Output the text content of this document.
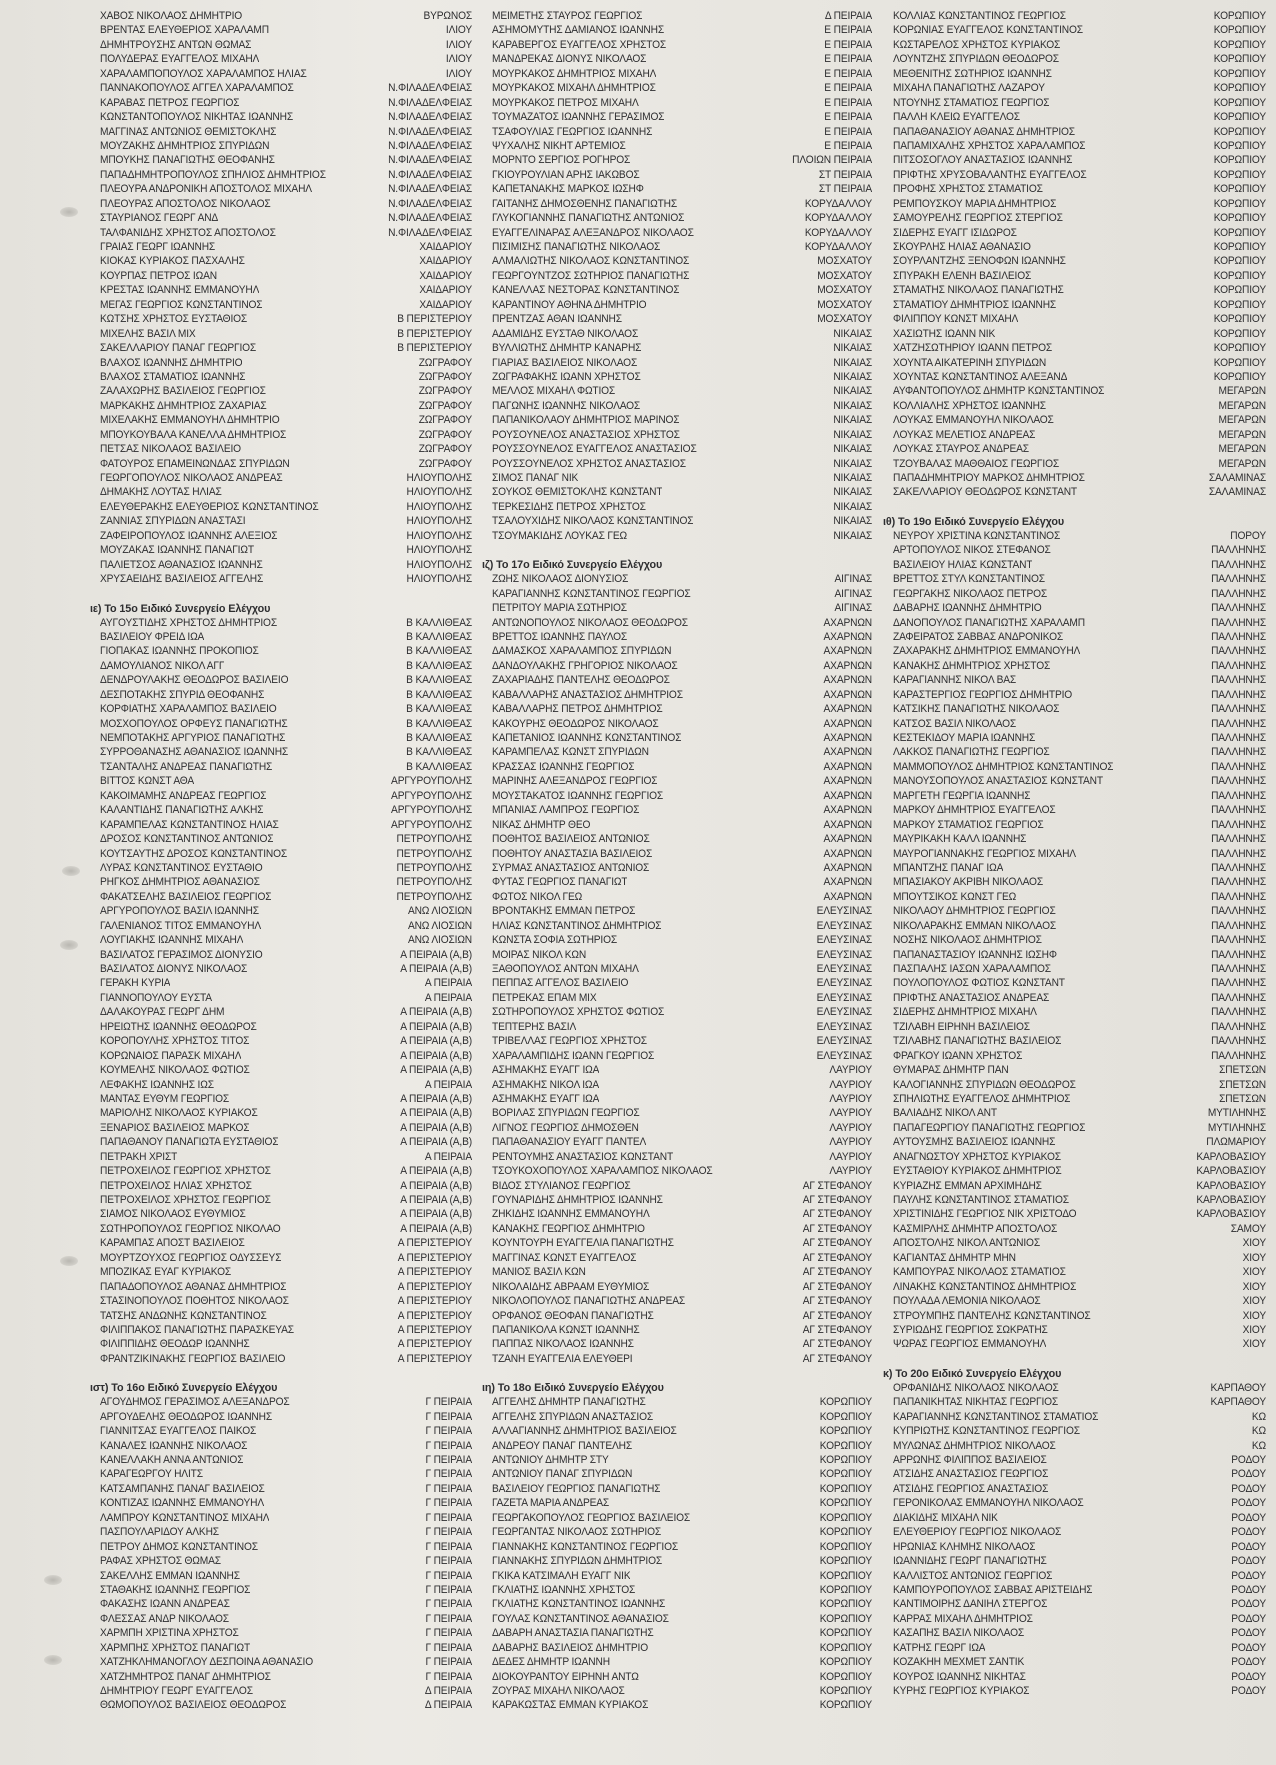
ΧΑΒΟΣ ΝΙΚΟΛΑΟΣ ΔΗΜΗΤΡΙΟ	ΒΥΡΩΝΟΣ
ΒΡΕΝΤΑΣ ΕΛΕΥΘΕΡΙΟΣ ΧΑΡΑΛΑΜΠ	ΙΛΙΟΥ
ΔΗΜΗΤΡΟΥΣΗΣ ΑΝΤΩΝ ΘΩΜΑΣ	ΙΛΙΟΥ
ΠΟΛΥΔΕΡΑΣ ΕΥΑΓΓΕΛΟΣ ΜΙΧΑΗΛ	ΙΛΙΟΥ
ΧΑΡΑΛΑΜΠΟΠΟΥΛΟΣ ΧΑΡΑΛΑΜΠΟΣ ΗΛΙΑΣ	ΙΛΙΟΥ
ΠΑΝΝΑΚΟΠΟΥΛΟΣ ΑΓΓΕΛ ΧΑΡΑΛΑΜΠΟΣ	Ν.ΦΙΛΑΔΕΛΦΕΙΑΣ
ΚΑΡΑΒΑΣ ΠΕΤΡΟΣ ΓΕΩΡΓΙΟΣ	Ν.ΦΙΛΑΔΕΛΦΕΙΑΣ
ΚΩΝΣΤΑΝΤΟΠΟΥΛΟΣ ΝΙΚΗΤΑΣ ΙΩΑΝΝΗΣ	Ν.ΦΙΛΑΔΕΛΦΕΙΑΣ
ΜΑΓΓΙΝΑΣ ΑΝΤΩΝΙΟΣ ΘΕΜΙΣΤΟΚΛΗΣ	Ν.ΦΙΛΑΔΕΛΦΕΙΑΣ
ΜΟΥΖΑΚΗΣ ΔΗΜΗΤΡΙΟΣ ΣΠΥΡΙΔΩΝ	Ν.ΦΙΛΑΔΕΛΦΕΙΑΣ
ΜΠΟΥΚΗΣ ΠΑΝΑΓΙΩΤΗΣ ΘΕΟΦΑΝΗΣ	Ν.ΦΙΛΑΔΕΛΦΕΙΑΣ
ΠΑΠΑΔΗΜΗΤΡΟΠΟΥΛΟΣ ΣΠΗΛΙΟΣ ΔΗΜΗΤΡΙΟΣ	Ν.ΦΙΛΑΔΕΛΦΕΙΑΣ
ΠΛΕΟΥΡΑ ΑΝΔΡΟΝΙΚΗ ΑΠΟΣΤΟΛΟΣ ΜΙΧΑΗΛ	Ν.ΦΙΛΑΔΕΛΦΕΙΑΣ
ΠΛΕΟΥΡΑΣ ΑΠΟΣΤΟΛΟΣ ΝΙΚΟΛΑΟΣ	Ν.ΦΙΛΑΔΕΛΦΕΙΑΣ
ΣΤΑΥΡΙΑΝΟΣ ΓΕΩΡΓ ΑΝΔ	Ν.ΦΙΛΑΔΕΛΦΕΙΑΣ
ΤΑΛΦΑΝΙΔΗΣ ΧΡΗΣΤΟΣ ΑΠΟΣΤΟΛΟΣ	Ν.ΦΙΛΑΔΕΛΦΕΙΑΣ
ΓΡΑΙΑΣ ΓΕΩΡΓ ΙΩΑΝΝΗΣ	ΧΑΙΔΑΡΙΟΥ
ΚΙΟΚΑΣ ΚΥΡΙΑΚΟΣ ΠΑΣΧΑΛΗΣ	ΧΑΙΔΑΡΙΟΥ
ΚΟΥΡΠΑΣ ΠΕΤΡΟΣ ΙΩΑΝ	ΧΑΙΔΑΡΙΟΥ
ΚΡΕΣΤΑΣ ΙΩΑΝΝΗΣ ΕΜΜΑΝΟΥΗΛ	ΧΑΙΔΑΡΙΟΥ
ΜΕΓΑΣ ΓΕΩΡΓΙΟΣ ΚΩΝΣΤΑΝΤΙΝΟΣ	ΧΑΙΔΑΡΙΟΥ
ΚΩΤΣΗΣ ΧΡΗΣΤΟΣ ΕΥΣΤΑΘΙΟΣ	Β ΠΕΡΙΣΤΕΡΙΟΥ
ΜΙΧΕΛΗΣ ΒΑΣΙΛ ΜΙΧ	Β ΠΕΡΙΣΤΕΡΙΟΥ
ΣΑΚΕΛΛΑΡΙΟΥ ΠΑΝΑΓ ΓΕΩΡΓΙΟΣ	Β ΠΕΡΙΣΤΕΡΙΟΥ
ΒΛΑΧΟΣ ΙΩΑΝΝΗΣ ΔΗΜΗΤΡΙΟ	ΖΩΓΡΑΦΟΥ
ΒΛΑΧΟΣ ΣΤΑΜΑΤΙΟΣ ΙΩΑΝΝΗΣ	ΖΩΓΡΑΦΟΥ
ΖΑΛΑΧΩΡΗΣ ΒΑΣΙΛΕΙΟΣ ΓΕΩΡΓΙΟΣ	ΖΩΓΡΑΦΟΥ
ΜΑΡΚΑΚΗΣ ΔΗΜΗΤΡΙΟΣ ΖΑΧΑΡΙΑΣ	ΖΩΓΡΑΦΟΥ
ΜΙΧΕΛΑΚΗΣ ΕΜΜΑΝΟΥΗΛ ΔΗΜΗΤΡΙΟ	ΖΩΓΡΑΦΟΥ
ΜΠΟΥΚΟΥΒΑΛΑ ΚΑΝΕΛΛΑ ΔΗΜΗΤΡΙΟΣ	ΖΩΓΡΑΦΟΥ
ΠΕΤΣΑΣ ΝΙΚΟΛΑΟΣ ΒΑΣΙΛΕΙΟ	ΖΩΓΡΑΦΟΥ
ΦΑΤΟΥΡΟΣ ΕΠΑΜΕΙΝΩΝΔΑΣ ΣΠΥΡΙΔΩΝ	ΖΩΓΡΑΦΟΥ
ΓΕΩΡΓΟΠΟΥΛΟΣ ΝΙΚΟΛΑΟΣ ΑΝΔΡΕΑΣ	ΗΛΙΟΥΠΟΛΗΣ
ΔΗΜΑΚΗΣ ΛΟΥΤΑΣ ΗΛΙΑΣ	ΗΛΙΟΥΠΟΛΗΣ
ΕΛΕΥΘΕΡΑΚΗΣ ΕΛΕΥΘΕΡΙΟΣ ΚΩΝΣΤΑΝΤΙΝΟΣ	ΗΛΙΟΥΠΟΛΗΣ
ΖΑΝΝΙΑΣ ΣΠΥΡΙΔΩΝ ΑΝΑΣΤΑΣΙ	ΗΛΙΟΥΠΟΛΗΣ
ΖΑΦΕΙΡΟΠΟΥΛΟΣ ΙΩΑΝΝΗΣ ΑΛΕΞΙΟΣ	ΗΛΙΟΥΠΟΛΗΣ
ΜΟΥΖΑΚΑΣ ΙΩΑΝΝΗΣ ΠΑΝΑΓΙΩΤ	ΗΛΙΟΥΠΟΛΗΣ
ΠΑΛΙΕΤΣΟΣ ΑΘΑΝΑΣΙΟΣ ΙΩΑΝΝΗΣ	ΗΛΙΟΥΠΟΛΗΣ
ΧΡΥΣΑΕΙΔΗΣ ΒΑΣΙΛΕΙΟΣ ΑΓΓΕΛΗΣ	ΗΛΙΟΥΠΟΛΗΣ
ιε) Το 15ο Ειδικό Συνεργείο Ελέγχου
ΑΥΓΟΥΣΤΙΔΗΣ ΧΡΗΣΤΟΣ ΔΗΜΗΤΡΙΟΣ	Β ΚΑΛΛΙΘΕΑΣ
ΒΑΣΙΛΕΙΟΥ ΦΡΕΙΔ ΙΩΑ	Β ΚΑΛΛΙΘΕΑΣ
ΓΙΟΠΑΚΑΣ ΙΩΑΝΝΗΣ ΠΡΟΚΟΠΙΟΣ	Β ΚΑΛΛΙΘΕΑΣ
ΔΑΜΟΥΛΙΑΝΟΣ ΝΙΚΟΛ ΑΓΓ	Β ΚΑΛΛΙΘΕΑΣ
ΔΕΝΔΡΟΥΛΑΚΗΣ ΘΕΟΔΩΡΟΣ ΒΑΣΙΛΕΙΟ	Β ΚΑΛΛΙΘΕΑΣ
ΔΕΣΠΟΤΑΚΗΣ ΣΠΥΡΙΔ ΘΕΟΦΑΝΗΣ	Β ΚΑΛΛΙΘΕΑΣ
ΚΟΡΦΙΑΤΗΣ ΧΑΡΑΛΑΜΠΟΣ ΒΑΣΙΛΕΙΟ	Β ΚΑΛΛΙΘΕΑΣ
ΜΟΣΧΟΠΟΥΛΟΣ ΟΡΦΕΥΣ ΠΑΝΑΓΙΩΤΗΣ	Β ΚΑΛΛΙΘΕΑΣ
ΝΕΜΠΟΤΑΚΗΣ ΑΡΓΥΡΙΟΣ ΠΑΝΑΓΙΩΤΗΣ	Β ΚΑΛΛΙΘΕΑΣ
ΣΥΡΡΟΘΑΝΑΣΗΣ ΑΘΑΝΑΣΙΟΣ ΙΩΑΝΝΗΣ	Β ΚΑΛΛΙΘΕΑΣ
ΤΣΑΝΤΑΛΗΣ ΑΝΔΡΕΑΣ ΠΑΝΑΓΙΩΤΗΣ	Β ΚΑΛΛΙΘΕΑΣ
ΒΙΤΤΟΣ ΚΩΝΣΤ ΑΘΑ	ΑΡΓΥΡΟΥΠΟΛΗΣ
ΚΑΚΟΙΜΑΜΗΣ ΑΝΔΡΕΑΣ ΓΕΩΡΓΙΟΣ	ΑΡΓΥΡΟΥΠΟΛΗΣ
ΚΑΛΑΝΤΙΔΗΣ ΠΑΝΑΓΙΩΤΗΣ ΑΛΚΗΣ	ΑΡΓΥΡΟΥΠΟΛΗΣ
ΚΑΡΑΜΠΕΛΑΣ ΚΩΝΣΤΑΝΤΙΝΟΣ ΗΛΙΑΣ	ΑΡΓΥΡΟΥΠΟΛΗΣ
ΔΡΟΣΟΣ ΚΩΝΣΤΑΝΤΙΝΟΣ ΑΝΤΩΝΙΟΣ	ΠΕΤΡΟΥΠΟΛΗΣ
ΚΟΥΤΣΑΥΤΗΣ ΔΡΟΣΟΣ ΚΩΝΣΤΑΝΤΙΝΟΣ	ΠΕΤΡΟΥΠΟΛΗΣ
ΛΥΡΑΣ ΚΩΝΣΤΑΝΤΙΝΟΣ ΕΥΣΤΑΘΙΟ	ΠΕΤΡΟΥΠΟΛΗΣ
ΡΗΓΚΟΣ ΔΗΜΗΤΡΙΟΣ ΑΘΑΝΑΣΙΟΣ	ΠΕΤΡΟΥΠΟΛΗΣ
ΦΑΚΑΤΣΕΛΗΣ ΒΑΣΙΛΕΙΟΣ ΓΕΩΡΓΙΟΣ	ΠΕΤΡΟΥΠΟΛΗΣ
ΑΡΓΥΡΟΠΟΥΛΟΣ ΒΑΣΙΛ ΙΩΑΝΝΗΣ	ΑΝΩ ΛΙΟΣΙΩΝ
ΓΑΛΕΝΙΑΝΟΣ ΤΙΤΟΣ ΕΜΜΑΝΟΥΗΛ	ΑΝΩ ΛΙΟΣΙΩΝ
ΛΟΥΓΙΑΚΗΣ ΙΩΑΝΝΗΣ ΜΙΧΑΗΛ	ΑΝΩ ΛΙΟΣΙΩΝ
ΒΑΣΙΛΑΤΟΣ ΓΕΡΑΣΙΜΟΣ ΔΙΟΝΥΣΙΟ	Α ΠΕΙΡΑΙΑ (Α,Β)
ΒΑΣΙΛΑΤΟΣ ΔΙΟΝΥΣ ΝΙΚΟΛΑΟΣ	Α ΠΕΙΡΑΙΑ (Α,Β)
ΓΕΡΑΚΗ ΚΥΡΙΑ	Α ΠΕΙΡΑΙΑ
ΓΙΑΝΝΟΠΟΥΛΟΥ ΕΥΣΤΑ	Α ΠΕΙΡΑΙΑ
ΔΑΛΑΚΟΥΡΑΣ ΓΕΩΡΓ ΔΗΜ	Α ΠΕΙΡΑΙΑ (Α,Β)
ΗΡΕΙΩΤΗΣ ΙΩΑΝΝΗΣ ΘΕΟΔΩΡΟΣ	Α ΠΕΙΡΑΙΑ (Α,Β)
ΚΟΡΟΠΟΥΛΗΣ ΧΡΗΣΤΟΣ ΤΙΤΟΣ	Α ΠΕΙΡΑΙΑ (Α,Β)
ΚΟΡΩΝΑΙΟΣ ΠΑΡΑΣΚ ΜΙΧΑΗΛ	Α ΠΕΙΡΑΙΑ (Α,Β)
ΚΟΥΜΕΛΗΣ ΝΙΚΟΛΑΟΣ ΦΩΤΙΟΣ	Α ΠΕΙΡΑΙΑ (Α,Β)
ΛΕΦΑΚΗΣ ΙΩΑΝΝΗΣ ΙΩΣ	Α ΠΕΙΡΑΙΑ
ΜΑΝΤΑΣ ΕΥΘΥΜ ΓΕΩΡΓΙΟΣ	Α ΠΕΙΡΑΙΑ (Α,Β)
ΜΑΡΙΟΛΗΣ ΝΙΚΟΛΑΟΣ ΚΥΡΙΑΚΟΣ	Α ΠΕΙΡΑΙΑ (Α,Β)
ΞΕΝΑΡΙΟΣ ΒΑΣΙΛΕΙΟΣ ΜΑΡΚΟΣ	Α ΠΕΙΡΑΙΑ (Α,Β)
ΠΑΠΑΘΑΝΟΥ ΠΑΝΑΓΙΩΤΑ ΕΥΣΤΑΘΙΟΣ	Α ΠΕΙΡΑΙΑ (Α,Β)
ΠΕΤΡΑΚΗ ΧΡΙΣΤ	Α ΠΕΙΡΑΙΑ
ΠΕΤΡΟΧΕΙΛΟΣ ΓΕΩΡΓΙΟΣ ΧΡΗΣΤΟΣ	Α ΠΕΙΡΑΙΑ (Α,Β)
ΠΕΤΡΟΧΕΙΛΟΣ ΗΛΙΑΣ ΧΡΗΣΤΟΣ	Α ΠΕΙΡΑΙΑ (Α,Β)
ΠΕΤΡΟΧΕΙΛΟΣ ΧΡΗΣΤΟΣ ΓΕΩΡΓΙΟΣ	Α ΠΕΙΡΑΙΑ (Α,Β)
ΣΙΑΜΟΣ ΝΙΚΟΛΑΟΣ ΕΥΘΥΜΙΟΣ	Α ΠΕΙΡΑΙΑ (Α,Β)
ΣΩΤΗΡΟΠΟΥΛΟΣ ΓΕΩΡΓΙΟΣ ΝΙΚΟΛΑΟ	Α ΠΕΙΡΑΙΑ (Α,Β)
ΚΑΡΑΜΠΑΣ ΑΠΟΣΤ ΒΑΣΙΛΕΙΟΣ	Α ΠΕΡΙΣΤΕΡΙΟΥ
ΜΟΥΡΤΖΟΥΧΟΣ ΓΕΩΡΓΙΟΣ ΟΔΥΣΣΕΥΣ	Α ΠΕΡΙΣΤΕΡΙΟΥ
ΜΠΟΖΙΚΑΣ ΕΥΑΓ ΚΥΡΙΑΚΟΣ	Α ΠΕΡΙΣΤΕΡΙΟΥ
ΠΑΠΑΔΟΠΟΥΛΟΣ ΑΘΑΝΑΣ ΔΗΜΗΤΡΙΟΣ	Α ΠΕΡΙΣΤΕΡΙΟΥ
ΣΤΑΣΙΝΟΠΟΥΛΟΣ ΠΟΘΗΤΟΣ ΝΙΚΟΛΑΟΣ	Α ΠΕΡΙΣΤΕΡΙΟΥ
ΤΑΤΣΗΣ ΑΝΔΩΝΗΣ ΚΩΝΣΤΑΝΤΙΝΟΣ	Α ΠΕΡΙΣΤΕΡΙΟΥ
ΦΙΛΙΠΠΑΚΟΣ ΠΑΝΑΓΙΩΤΗΣ ΠΑΡΑΣΚΕΥΑΣ	Α ΠΕΡΙΣΤΕΡΙΟΥ
ΦΙΛΙΠΠΙΔΗΣ ΘΕΟΔΩΡ ΙΩΑΝΝΗΣ	Α ΠΕΡΙΣΤΕΡΙΟΥ
ΦΡΑΝΤΖΙΚΙΝΑΚΗΣ ΓΕΩΡΓΙΟΣ ΒΑΣΙΛΕΙΟ	Α ΠΕΡΙΣΤΕΡΙΟΥ
ιστ) Το 16ο Ειδικό Συνεργείο Ελέγχου
ΑΓΟΥΔΗΜΟΣ ΓΕΡΑΣΙΜΟΣ ΑΛΕΞΑΝΔΡΟΣ	Γ ΠΕΙΡΑΙΑ
ΑΡΓΟΥΔΕΛΗΣ ΘΕΟΔΩΡΟΣ ΙΩΑΝΝΗΣ	Γ ΠΕΙΡΑΙΑ
ΓΙΑΝΝΙΤΣΑΣ ΕΥΑΓΓΕΛΟΣ ΠΑΙΚΟΣ	Γ ΠΕΙΡΑΙΑ
ΚΑΝΑΛΕΣ ΙΩΑΝΝΗΣ ΝΙΚΟΛΑΟΣ	Γ ΠΕΙΡΑΙΑ
ΚΑΝΕΛΛΑΚΗ ΑΝΝΑ ΑΝΤΩΝΙΟΣ	Γ ΠΕΙΡΑΙΑ
ΚΑΡΑΓΕΩΡΓΟΥ ΗΛΙΤΣ	Γ ΠΕΙΡΑΙΑ
ΚΑΤΣΑΜΠΑΝΗΣ ΠΑΝΑΓ ΒΑΣΙΛΕΙΟΣ	Γ ΠΕΙΡΑΙΑ
ΚΟΝΤΙΖΑΣ ΙΩΑΝΝΗΣ ΕΜΜΑΝΟΥΗΛ	Γ ΠΕΙΡΑΙΑ
ΛΑΜΠΡΟΥ ΚΩΝΣΤΑΝΤΙΝΟΣ ΜΙΧΑΗΛ	Γ ΠΕΙΡΑΙΑ
ΠΑΣΠΟΥΛΑΡΙΔΟΥ ΑΛΚΗΣ	Γ ΠΕΙΡΑΙΑ
ΠΕΤΡΟΥ ΔΗΜΟΣ ΚΩΝΣΤΑΝΤΙΝΟΣ	Γ ΠΕΙΡΑΙΑ
ΡΑΦΑΣ ΧΡΗΣΤΟΣ ΘΩΜΑΣ	Γ ΠΕΙΡΑΙΑ
ΣΑΚΕΛΛΗΣ ΕΜΜΑΝ ΙΩΑΝΝΗΣ	Γ ΠΕΙΡΑΙΑ
ΣΤΑΘΑΚΗΣ ΙΩΑΝΝΗΣ ΓΕΩΡΓΙΟΣ	Γ ΠΕΙΡΑΙΑ
ΦΑΚΑΣΗΣ ΙΩΑΝΝ ΑΝΔΡΕΑΣ	Γ ΠΕΙΡΑΙΑ
ΦΛΕΣΣΑΣ ΑΝΔΡ ΝΙΚΟΛΑΟΣ	Γ ΠΕΙΡΑΙΑ
ΧΑΡΜΠΗ ΧΡΙΣΤΙΝΑ ΧΡΗΣΤΟΣ	Γ ΠΕΙΡΑΙΑ
ΧΑΡΜΠΗΣ ΧΡΗΣΤΟΣ ΠΑΝΑΓΙΩΤ	Γ ΠΕΙΡΑΙΑ
ΧΑΤΖΗΚΛΗΜΑΝΟΓΛΟΥ ΔΕΣΠΟΙΝΑ ΑΘΑΝΑΣΙΟ	Γ ΠΕΙΡΑΙΑ
ΧΑΤΖΗΜΗΤΡΟΣ ΠΑΝΑΓ ΔΗΜΗΤΡΙΟΣ	Γ ΠΕΙΡΑΙΑ
ΔΗΜΗΤΡΙΟΥ ΓΕΩΡΓ ΕΥΑΓΓΕΛΟΣ	Δ ΠΕΙΡΑΙΑ
ΘΩΜΟΠΟΥΛΟΣ ΒΑΣΙΛΕΙΟΣ ΘΕΟΔΩΡΟΣ	Δ ΠΕΙΡΑΙΑ
ΜΕΙΜΕΤΗΣ ΣΤΑΥΡΟΣ ΓΕΩΡΓΙΟΣ	Δ ΠΕΙΡΑΙΑ
ΑΣΗΜΟΜΥΤΗΣ ΔΑΜΙΑΝΟΣ ΙΩΑΝΝΗΣ	Ε ΠΕΙΡΑΙΑ
ΚΑΡΑΒΕΡΓΟΣ ΕΥΑΓΓΕΛΟΣ ΧΡΗΣΤΟΣ	Ε ΠΕΙΡΑΙΑ
ΜΑΝΔΡΕΚΑΣ ΔΙΟΝΥΣ ΝΙΚΟΛΑΟΣ	Ε ΠΕΙΡΑΙΑ
ΜΟΥΡΚΑΚΟΣ ΔΗΜΗΤΡΙΟΣ ΜΙΧΑΗΛ	Ε ΠΕΙΡΑΙΑ
ΜΟΥΡΚΑΚΟΣ ΜΙΧΑΗΛ ΔΗΜΗΤΡΙΟΣ	Ε ΠΕΙΡΑΙΑ
ΜΟΥΡΚΑΚΟΣ ΠΕΤΡΟΣ ΜΙΧΑΗΛ	Ε ΠΕΙΡΑΙΑ
ΤΟΥΜΑΖΑΤΟΣ ΙΩΑΝΝΗΣ ΓΕΡΑΣΙΜΟΣ	Ε ΠΕΙΡΑΙΑ
ΤΣΑΦΟΥΛΙΑΣ ΓΕΩΡΓΙΟΣ ΙΩΑΝΝΗΣ	Ε ΠΕΙΡΑΙΑ
ΨΥΧΑΛΗΣ ΝΙΚΗΤ ΑΡΤΕΜΙΟΣ	Ε ΠΕΙΡΑΙΑ
ΜΟΡΝΤΟ ΣΕΡΓΙΟΣ ΡΟΓΗΡΟΣ	ΠΛΟΙΩΝ ΠΕΙΡΑΙΑ
ΓΚΙΟΥΡΟΥΛΙΑΝ ΑΡΗΣ ΙΑΚΩΒΟΣ	ΣΤ ΠΕΙΡΑΙΑ
ΚΑΠΕΤΑΝΑΚΗΣ ΜΑΡΚΟΣ ΙΩΣΗΦ	ΣΤ ΠΕΙΡΑΙΑ
ΓΑΙΤΑΝΗΣ ΔΗΜΟΣΘΕΝΗΣ ΠΑΝΑΓΙΩΤΗΣ	ΚΟΡΥΔΑΛΛΟΥ
ΓΛΥΚΟΓΙΑΝΝΗΣ ΠΑΝΑΓΙΩΤΗΣ ΑΝΤΩΝΙΟΣ	ΚΟΡΥΔΑΛΛΟΥ
ΕΥΑΓΓΕΛΙΝΑΡΑΣ ΑΛΕΞΑΝΔΡΟΣ ΝΙΚΟΛΑΟΣ	ΚΟΡΥΔΑΛΛΟΥ
ΠΙΣΙΜΙΣΗΣ ΠΑΝΑΓΙΩΤΗΣ ΝΙΚΟΛΑΟΣ	ΚΟΡΥΔΑΛΛΟΥ
ΑΛΜΑΛΙΩΤΗΣ ΝΙΚΟΛΑΟΣ ΚΩΝΣΤΑΝΤΙΝΟΣ	ΜΟΣΧΑΤΟΥ
ΓΕΩΡΓΟΥΝΤΖΟΣ ΣΩΤΗΡΙΟΣ ΠΑΝΑΓΙΩΤΗΣ	ΜΟΣΧΑΤΟΥ
ΚΑΝΕΛΛΑΣ ΝΕΣΤΟΡΑΣ ΚΩΝΣΤΑΝΤΙΝΟΣ	ΜΟΣΧΑΤΟΥ
ΚΑΡΑΝΤΙΝΟΥ ΑΘΗΝΑ ΔΗΜΗΤΡΙΟ	ΜΟΣΧΑΤΟΥ
ΠΡΕΝΤΖΑΣ ΑΘΑΝ ΙΩΑΝΝΗΣ	ΜΟΣΧΑΤΟΥ
ΑΔΑΜΙΔΗΣ ΕΥΣΤΑΘ ΝΙΚΟΛΑΟΣ	ΝΙΚΑΙΑΣ
ΒΥΛΛΙΩΤΗΣ ΔΗΜΗΤΡ ΚΑΝΑΡΗΣ	ΝΙΚΑΙΑΣ
ΓΙΑΡΙΑΣ ΒΑΣΙΛΕΙΟΣ ΝΙΚΟΛΑΟΣ	ΝΙΚΑΙΑΣ
ΖΩΓΡΑΦΑΚΗΣ ΙΩΑΝΝ ΧΡΗΣΤΟΣ	ΝΙΚΑΙΑΣ
ΜΕΛΛΟΣ ΜΙΧΑΗΛ ΦΩΤΙΟΣ	ΝΙΚΑΙΑΣ
ΠΑΓΩΝΗΣ ΙΩΑΝΝΗΣ ΝΙΚΟΛΑΟΣ	ΝΙΚΑΙΑΣ
ΠΑΠΑΝΙΚΟΛΑΟΥ ΔΗΜΗΤΡΙΟΣ ΜΑΡΙΝΟΣ	ΝΙΚΑΙΑΣ
ΡΟΥΣΟΥΝΕΛΟΣ ΑΝΑΣΤΑΣΙΟΣ ΧΡΗΣΤΟΣ	ΝΙΚΑΙΑΣ
ΡΟΥΣΣΟΥΝΕΛΟΣ ΕΥΑΓΓΕΛΟΣ ΑΝΑΣΤΑΣΙΟΣ	ΝΙΚΑΙΑΣ
ΡΟΥΣΣΟΥΝΕΛΟΣ ΧΡΗΣΤΟΣ ΑΝΑΣΤΑΣΙΟΣ	ΝΙΚΑΙΑΣ
ΣΙΜΟΣ ΠΑΝΑΓ ΝΙΚ	ΝΙΚΑΙΑΣ
ΣΟΥΚΟΣ ΘΕΜΙΣΤΟΚΛΗΣ ΚΩΝΣΤΑΝΤ	ΝΙΚΑΙΑΣ
ΤΕΡΚΕΣΙΔΗΣ ΠΕΤΡΟΣ ΧΡΗΣΤΟΣ	ΝΙΚΑΙΑΣ
ΤΣΑΛΟΥΧΙΔΗΣ ΝΙΚΟΛΑΟΣ ΚΩΝΣΤΑΝΤΙΝΟΣ	ΝΙΚΑΙΑΣ
ΤΣΟΥΜΑΚΙΔΗΣ ΛΟΥΚΑΣ ΓΕΩ	ΝΙΚΑΙΑΣ
ιζ) Το 17ο Ειδικό Συνεργείο Ελέγχου
ΖΩΗΣ ΝΙΚΟΛΑΟΣ ΔΙΟΝΥΣΙΟΣ	ΑΙΓΙΝΑΣ
ΚΑΡΑΓΙΑΝΝΗΣ ΚΩΝΣΤΑΝΤΙΝΟΣ ΓΕΩΡΓΙΟΣ	ΑΙΓΙΝΑΣ
ΠΕΤΡΙΤΟΥ ΜΑΡΙΑ ΣΩΤΗΡΙΟΣ	ΑΙΓΙΝΑΣ
ΑΝΤΩΝΟΠΟΥΛΟΣ ΝΙΚΟΛΑΟΣ ΘΕΟΔΩΡΟΣ	ΑΧΑΡΝΩΝ
ΒΡΕΤΤΟΣ ΙΩΑΝΝΗΣ ΠΑΥΛΟΣ	ΑΧΑΡΝΩΝ
ΔΑΜΑΣΚΟΣ ΧΑΡΑΛΑΜΠΟΣ ΣΠΥΡΙΔΩΝ	ΑΧΑΡΝΩΝ
ΔΑΝΔΟΥΛΑΚΗΣ ΓΡΗΓΟΡΙΟΣ ΝΙΚΟΛΑΟΣ	ΑΧΑΡΝΩΝ
ΖΑΧΑΡΙΑΔΗΣ ΠΑΝΤΕΛΗΣ ΘΕΟΔΩΡΟΣ	ΑΧΑΡΝΩΝ
ΚΑΒΑΛΛΑΡΗΣ ΑΝΑΣΤΑΣΙΟΣ ΔΗΜΗΤΡΙΟΣ	ΑΧΑΡΝΩΝ
ΚΑΒΑΛΛΑΡΗΣ ΠΕΤΡΟΣ ΔΗΜΗΤΡΙΟΣ	ΑΧΑΡΝΩΝ
ΚΑΚΟΥΡΗΣ ΘΕΟΔΩΡΟΣ ΝΙΚΟΛΑΟΣ	ΑΧΑΡΝΩΝ
ΚΑΠΕΤΑΝΙΟΣ ΙΩΑΝΝΗΣ ΚΩΝΣΤΑΝΤΙΝΟΣ	ΑΧΑΡΝΩΝ
ΚΑΡΑΜΠΕΛΑΣ ΚΩΝΣΤ ΣΠΥΡΙΔΩΝ	ΑΧΑΡΝΩΝ
ΚΡΑΣΣΑΣ ΙΩΑΝΝΗΣ ΓΕΩΡΓΙΟΣ	ΑΧΑΡΝΩΝ
ΜΑΡΙΝΗΣ ΑΛΕΞΑΝΔΡΟΣ ΓΕΩΡΓΙΟΣ	ΑΧΑΡΝΩΝ
ΜΟΥΣΤΑΚΑΤΟΣ ΙΩΑΝΝΗΣ ΓΕΩΡΓΙΟΣ	ΑΧΑΡΝΩΝ
ΜΠΑΝΙΑΣ ΛΑΜΠΡΟΣ ΓΕΩΡΓΙΟΣ	ΑΧΑΡΝΩΝ
ΝΙΚΑΣ ΔΗΜΗΤΡ ΘΕΟ	ΑΧΑΡΝΩΝ
ΠΟΘΗΤΟΣ ΒΑΣΙΛΕΙΟΣ ΑΝΤΩΝΙΟΣ	ΑΧΑΡΝΩΝ
ΠΟΘΗΤΟΥ ΑΝΑΣΤΑΣΙΑ ΒΑΣΙΛΕΙΟΣ	ΑΧΑΡΝΩΝ
ΣΥΡΜΑΣ ΑΝΑΣΤΑΣΙΟΣ ΑΝΤΩΝΙΟΣ	ΑΧΑΡΝΩΝ
ΦΥΤΑΣ ΓΕΩΡΓΙΟΣ ΠΑΝΑΓΙΩΤ	ΑΧΑΡΝΩΝ
ΦΩΤΟΣ ΝΙΚΟΛ ΓΕΩ	ΑΧΑΡΝΩΝ
ΒΡΟΝΤΑΚΗΣ ΕΜΜΑΝ ΠΕΤΡΟΣ	ΕΛΕΥΣΙΝΑΣ
ΗΛΙΑΣ ΚΩΝΣΤΑΝΤΙΝΟΣ ΔΗΜΗΤΡΙΟΣ	ΕΛΕΥΣΙΝΑΣ
ΚΩΝΣΤΑ ΣΟΦΙΑ ΣΩΤΗΡΙΟΣ	ΕΛΕΥΣΙΝΑΣ
ΜΟΙΡΑΣ ΝΙΚΟΛ ΚΩΝ	ΕΛΕΥΣΙΝΑΣ
ΞΑΘΟΠΟΥΛΟΣ ΑΝΤΩΝ ΜΙΧΑΗΛ	ΕΛΕΥΣΙΝΑΣ
ΠΕΠΠΑΣ ΑΓΓΕΛΟΣ ΒΑΣΙΛΕΙΟ	ΕΛΕΥΣΙΝΑΣ
ΠΕΤΡΕΚΑΣ ΕΠΑΜ ΜΙΧ	ΕΛΕΥΣΙΝΑΣ
ΣΩΤΗΡΟΠΟΥΛΟΣ ΧΡΗΣΤΟΣ ΦΩΤΙΟΣ	ΕΛΕΥΣΙΝΑΣ
ΤΕΠΤΕΡΗΣ ΒΑΣΙΛ	ΕΛΕΥΣΙΝΑΣ
ΤΡΙΒΕΛΛΑΣ ΓΕΩΡΓΙΟΣ ΧΡΗΣΤΟΣ	ΕΛΕΥΣΙΝΑΣ
ΧΑΡΑΛΑΜΠΙΔΗΣ ΙΩΑΝΝ ΓΕΩΡΓΙΟΣ	ΕΛΕΥΣΙΝΑΣ
ΑΣΗΜΑΚΗΣ ΕΥΑΓΓ ΙΩΑ	ΛΑΥΡΙΟΥ
ΑΣΗΜΑΚΗΣ ΝΙΚΟΛ ΙΩΑ	ΛΑΥΡΙΟΥ
ΑΣΗΜΑΚΗΣ ΕΥΑΓΓ ΙΩΑ	ΛΑΥΡΙΟΥ
ΒΟΡΙΛΑΣ ΣΠΥΡΙΔΩΝ ΓΕΩΡΓΙΟΣ	ΛΑΥΡΙΟΥ
ΛΙΓΝΟΣ ΓΕΩΡΓΙΟΣ ΔΗΜΟΣΘΕΝ	ΛΑΥΡΙΟΥ
ΠΑΠΑΘΑΝΑΣΙΟΥ ΕΥΑΓΓ ΠΑΝΤΕΛ	ΛΑΥΡΙΟΥ
ΡΕΝΤΟΥΜΗΣ ΑΝΑΣΤΑΣΙΟΣ ΚΩΝΣΤΑΝΤ	ΛΑΥΡΙΟΥ
ΤΣΟΥΚΟΧΟΠΟΥΛΟΣ ΧΑΡΑΛΑΜΠΟΣ ΝΙΚΟΛΑΟΣ	ΛΑΥΡΙΟΥ
ΒΙΔΟΣ ΣΤΥΛΙΑΝΟΣ ΓΕΩΡΓΙΟΣ	ΑΓ ΣΤΕΦΑΝΟΥ
ΓΟΥΝΑΡΙΔΗΣ ΔΗΜΗΤΡΙΟΣ ΙΩΑΝΝΗΣ	ΑΓ ΣΤΕΦΑΝΟΥ
ΖΗΚΙΔΗΣ ΙΩΑΝΝΗΣ ΕΜΜΑΝΟΥΗΛ	ΑΓ ΣΤΕΦΑΝΟΥ
ΚΑΝΑΚΗΣ ΓΕΩΡΓΙΟΣ ΔΗΜΗΤΡΙΟ	ΑΓ ΣΤΕΦΑΝΟΥ
ΚΟΥΝΤΟΥΡΗ ΕΥΑΓΓΕΛΙΑ ΠΑΝΑΓΙΩΤΗΣ	ΑΓ ΣΤΕΦΑΝΟΥ
ΜΑΓΓΙΝΑΣ ΚΩΝΣΤ ΕΥΑΓΓΕΛΟΣ	ΑΓ ΣΤΕΦΑΝΟΥ
ΜΑΝΙΟΣ ΒΑΣΙΛ ΚΩΝ	ΑΓ ΣΤΕΦΑΝΟΥ
ΝΙΚΟΛΑΙΔΗΣ ΑΒΡΑΑΜ ΕΥΘΥΜΙΟΣ	ΑΓ ΣΤΕΦΑΝΟΥ
ΝΙΚΟΛΟΠΟΥΛΟΣ ΠΑΝΑΓΙΩΤΗΣ ΑΝΔΡΕΑΣ	ΑΓ ΣΤΕΦΑΝΟΥ
ΟΡΦΑΝΟΣ ΘΕΟΦΑΝ ΠΑΝΑΓΙΩΤΗΣ	ΑΓ ΣΤΕΦΑΝΟΥ
ΠΑΠΑΝΙΚΟΛΑ ΚΩΝΣΤ ΙΩΑΝΝΗΣ	ΑΓ ΣΤΕΦΑΝΟΥ
ΠΑΠΠΑΣ ΝΙΚΟΛΑΟΣ ΙΩΑΝΝΗΣ	ΑΓ ΣΤΕΦΑΝΟΥ
ΤΖΑΝΗ ΕΥΑΓΓΕΛΙΑ ΕΛΕΥΘΕΡΙ	ΑΓ ΣΤΕΦΑΝΟΥ
ιη) Το 18ο Ειδικό Συνεργείο Ελέγχου
ΑΓΓΕΛΗΣ ΔΗΜΗΤΡ ΠΑΝΑΓΙΩΤΗΣ	ΚΟΡΩΠΙΟΥ
ΑΓΓΕΛΗΣ ΣΠΥΡΙΔΩΝ ΑΝΑΣΤΑΣΙΟΣ	ΚΟΡΩΠΙΟΥ
ΑΛΛΑΓΙΑΝΝΗΣ ΔΗΜΗΤΡΙΟΣ ΒΑΣΙΛΕΙΟΣ	ΚΟΡΩΠΙΟΥ
ΑΝΔΡΕΟΥ ΠΑΝΑΓ ΠΑΝΤΕΛΗΣ	ΚΟΡΩΠΙΟΥ
ΑΝΤΩΝΙΟΥ ΔΗΜΗΤΡ ΣΤΥ	ΚΟΡΩΠΙΟΥ
ΑΝΤΩΝΙΟΥ ΠΑΝΑΓ ΣΠΥΡΙΔΩΝ	ΚΟΡΩΠΙΟΥ
ΒΑΣΙΛΕΙΟΥ ΓΕΩΡΓΙΟΣ ΠΑΝΑΓΙΩΤΗΣ	ΚΟΡΩΠΙΟΥ
ΓΑΖΕΤΑ ΜΑΡΙΑ ΑΝΔΡΕΑΣ	ΚΟΡΩΠΙΟΥ
ΓΕΩΡΓΑΚΟΠΟΥΛΟΣ ΓΕΩΡΓΙΟΣ ΒΑΣΙΛΕΙΟΣ	ΚΟΡΩΠΙΟΥ
ΓΕΩΡΓΑΝΤΑΣ ΝΙΚΟΛΑΟΣ ΣΩΤΗΡΙΟΣ	ΚΟΡΩΠΙΟΥ
ΓΙΑΝΝΑΚΗΣ ΚΩΝΣΤΑΝΤΙΝΟΣ ΓΕΩΡΓΙΟΣ	ΚΟΡΩΠΙΟΥ
ΓΙΑΝΝΑΚΗΣ ΣΠΥΡΙΔΩΝ ΔΗΜΗΤΡΙΟΣ	ΚΟΡΩΠΙΟΥ
ΓΚΙΚΑ ΚΑΤΣΙΜΑΛΗ ΕΥΑΓΓ ΝΙΚ	ΚΟΡΩΠΙΟΥ
ΓΚΛΙΑΤΗΣ ΙΩΑΝΝΗΣ ΧΡΗΣΤΟΣ	ΚΟΡΩΠΙΟΥ
ΓΚΛΙΑΤΗΣ ΚΩΝΣΤΑΝΤΙΝΟΣ ΙΩΑΝΝΗΣ	ΚΟΡΩΠΙΟΥ
ΓΟΥΛΑΣ ΚΩΝΣΤΑΝΤΙΝΟΣ ΑΘΑΝΑΣΙΟΣ	ΚΟΡΩΠΙΟΥ
ΔΑΒΑΡΗ ΑΝΑΣΤΑΣΙΑ ΠΑΝΑΓΙΩΤΗΣ	ΚΟΡΩΠΙΟΥ
ΔΑΒΑΡΗΣ ΒΑΣΙΛΕΙΟΣ ΔΗΜΗΤΡΙΟ	ΚΟΡΩΠΙΟΥ
ΔΕΔΕΣ ΔΗΜΗΤΡ ΙΩΑΝΝΗ	ΚΟΡΩΠΙΟΥ
ΔΙΟΚΟΥΡΑΝΤΟΥ ΕΙΡΗΝΗ ΑΝΤΩ	ΚΟΡΩΠΙΟΥ
ΖΟΥΡΑΣ ΜΙΧΑΗΛ ΝΙΚΟΛΑΟΣ	ΚΟΡΩΠΙΟΥ
ΚΑΡΑΚΩΣΤΑΣ ΕΜΜΑΝ ΚΥΡΙΑΚΟΣ	ΚΟΡΩΠΙΟΥ
ΚΟΛΛΙΑΣ ΚΩΝΣΤΑΝΤΙΝΟΣ ΓΕΩΡΓΙΟΣ	ΚΟΡΩΠΙΟΥ
ΚΟΡΩΝΙΑΣ ΕΥΑΓΓΕΛΟΣ ΚΩΝΣΤΑΝΤΙΝΟΣ	ΚΟΡΩΠΙΟΥ
ΚΩΣΤΑΡΕΛΟΣ ΧΡΗΣΤΟΣ ΚΥΡΙΑΚΟΣ	ΚΟΡΩΠΙΟΥ
ΛΟΥΝΤΖΗΣ ΣΠΥΡΙΔΩΝ ΘΕΟΔΩΡΟΣ	ΚΟΡΩΠΙΟΥ
ΜΕΘΕΝΙΤΗΣ ΣΩΤΗΡΙΟΣ ΙΩΑΝΝΗΣ	ΚΟΡΩΠΙΟΥ
ΜΙΧΑΗΛ ΠΑΝΑΓΙΩΤΗΣ ΛΑΖΑΡΟΥ	ΚΟΡΩΠΙΟΥ
ΝΤΟΥΝΗΣ ΣΤΑΜΑΤΙΟΣ ΓΕΩΡΓΙΟΣ	ΚΟΡΩΠΙΟΥ
ΠΑΛΛΗ ΚΛΕΙΩ ΕΥΑΓΓΕΛΟΣ	ΚΟΡΩΠΙΟΥ
ΠΑΠΑΘΑΝΑΣΙΟΥ ΑΘΑΝΑΣ ΔΗΜΗΤΡΙΟΣ	ΚΟΡΩΠΙΟΥ
ΠΑΠΑΜΙΧΑΛΗΣ ΧΡΗΣΤΟΣ ΧΑΡΑΛΑΜΠΟΣ	ΚΟΡΩΠΙΟΥ
ΠΙΤΣΟΣΟΓΛΟΥ ΑΝΑΣΤΑΣΙΟΣ ΙΩΑΝΝΗΣ	ΚΟΡΩΠΙΟΥ
ΠΡΙΦΤΗΣ ΧΡΥΣΟΒΑΛΑΝΤΗΣ ΕΥΑΓΓΕΛΟΣ	ΚΟΡΩΠΙΟΥ
ΠΡΟΦΗΣ ΧΡΗΣΤΟΣ ΣΤΑΜΑΤΙΟΣ	ΚΟΡΩΠΙΟΥ
ΡΕΜΠΟΥΣΚΟΥ ΜΑΡΙΑ ΔΗΜΗΤΡΙΟΣ	ΚΟΡΩΠΙΟΥ
ΣΑΜΟΥΡΕΛΗΣ ΓΕΩΡΓΙΟΣ ΣΤΕΡΓΙΟΣ	ΚΟΡΩΠΙΟΥ
ΣΙΔΕΡΗΣ ΕΥΑΓΓ ΙΣΙΔΩΡΟΣ	ΚΟΡΩΠΙΟΥ
ΣΚΟΥΡΛΗΣ ΗΛΙΑΣ ΑΘΑΝΑΣΙΟ	ΚΟΡΩΠΙΟΥ
ΣΟΥΡΛΑΝΤΖΗΣ ΞΕΝΟΦΩΝ ΙΩΑΝΝΗΣ	ΚΟΡΩΠΙΟΥ
ΣΠΥΡΑΚΗ ΕΛΕΝΗ ΒΑΣΙΛΕΙΟΣ	ΚΟΡΩΠΙΟΥ
ΣΤΑΜΑΤΗΣ ΝΙΚΟΛΑΟΣ ΠΑΝΑΓΙΩΤΗΣ	ΚΟΡΩΠΙΟΥ
ΣΤΑΜΑΤΙΟΥ ΔΗΜΗΤΡΙΟΣ ΙΩΑΝΝΗΣ	ΚΟΡΩΠΙΟΥ
ΦΙΛΙΠΠΟΥ ΚΩΝΣΤ ΜΙΧΑΗΛ	ΚΟΡΩΠΙΟΥ
ΧΑΣΙΩΤΗΣ ΙΩΑΝΝ ΝΙΚ	ΚΟΡΩΠΙΟΥ
ΧΑΤΖΗΣΩΤΗΡΙΟΥ ΙΩΑΝΝ ΠΕΤΡΟΣ	ΚΟΡΩΠΙΟΥ
ΧΟΥΝΤΑ ΑΙΚΑΤΕΡΙΝΗ ΣΠΥΡΙΔΩΝ	ΚΟΡΩΠΙΟΥ
ΧΟΥΝΤΑΣ ΚΩΝΣΤΑΝΤΙΝΟΣ ΑΛΕΞΑΝΔ	ΚΟΡΩΠΙΟΥ
ΑΥΦΑΝΤΟΠΟΥΛΟΣ ΔΗΜΗΤΡ ΚΩΝΣΤΑΝΤΙΝΟΣ	ΜΕΓΑΡΩΝ
ΚΟΛΛΙΑΛΗΣ ΧΡΗΣΤΟΣ ΙΩΑΝΝΗΣ	ΜΕΓΑΡΩΝ
ΛΟΥΚΑΣ ΕΜΜΑΝΟΥΗΛ ΝΙΚΟΛΑΟΣ	ΜΕΓΑΡΩΝ
ΛΟΥΚΑΣ ΜΕΛΕΤΙΟΣ ΑΝΔΡΕΑΣ	ΜΕΓΑΡΩΝ
ΛΟΥΚΑΣ ΣΤΑΥΡΟΣ ΑΝΔΡΕΑΣ	ΜΕΓΑΡΩΝ
ΤΖΟΥΒΑΛΑΣ ΜΑΘΘΑΙΟΣ ΓΕΩΡΓΙΟΣ	ΜΕΓΑΡΩΝ
ΠΑΠΑΔΗΜΗΤΡΙΟΥ ΜΑΡΚΟΣ ΔΗΜΗΤΡΙΟΣ	ΣΑΛΑΜΙΝΑΣ
ΣΑΚΕΛΛΑΡΙΟΥ ΘΕΟΔΩΡΟΣ ΚΩΝΣΤΑΝΤ	ΣΑΛΑΜΙΝΑΣ
ιθ) Το 19ο Ειδικό Συνεργείο Ελέγχου
ΝΕΥΡΟΥ ΧΡΙΣΤΙΝΑ ΚΩΝΣΤΑΝΤΙΝΟΣ	ΠΟΡΟΥ
ΑΡΤΟΠΟΥΛΟΣ ΝΙΚΟΣ ΣΤΕΦΑΝΟΣ	ΠΑΛΛΗΝΗΣ
ΒΑΣΙΛΕΙΟΥ ΗΛΙΑΣ ΚΩΝΣΤΑΝΤ	ΠΑΛΛΗΝΗΣ
ΒΡΕΤΤΟΣ ΣΤΥΛ ΚΩΝΣΤΑΝΤΙΝΟΣ	ΠΑΛΛΗΝΗΣ
ΓΕΩΡΓΑΚΗΣ ΝΙΚΟΛΑΟΣ ΠΕΤΡΟΣ	ΠΑΛΛΗΝΗΣ
ΔΑΒΑΡΗΣ ΙΩΑΝΝΗΣ ΔΗΜΗΤΡΙΟ	ΠΑΛΛΗΝΗΣ
ΔΑΝΟΠΟΥΛΟΣ ΠΑΝΑΓΙΩΤΗΣ ΧΑΡΑΛΑΜΠ	ΠΑΛΛΗΝΗΣ
ΖΑΦΕΙΡΑΤΟΣ ΣΑΒΒΑΣ ΑΝΔΡΟΝΙΚΟΣ	ΠΑΛΛΗΝΗΣ
ΖΑΧΑΡΑΚΗΣ ΔΗΜΗΤΡΙΟΣ ΕΜΜΑΝΟΥΗΛ	ΠΑΛΛΗΝΗΣ
ΚΑΝΑΚΗΣ ΔΗΜΗΤΡΙΟΣ ΧΡΗΣΤΟΣ	ΠΑΛΛΗΝΗΣ
ΚΑΡΑΓΙΑΝΝΗΣ ΝΙΚΟΛ ΒΑΣ	ΠΑΛΛΗΝΗΣ
ΚΑΡΑΣΤΕΡΓΙΟΣ ΓΕΩΡΓΙΟΣ ΔΗΜΗΤΡΙΟ	ΠΑΛΛΗΝΗΣ
ΚΑΤΣΙΚΗΣ ΠΑΝΑΓΙΩΤΗΣ ΝΙΚΟΛΑΟΣ	ΠΑΛΛΗΝΗΣ
ΚΑΤΣΟΣ ΒΑΣΙΛ ΝΙΚΟΛΑΟΣ	ΠΑΛΛΗΝΗΣ
ΚΕΣΤΕΚΙΔΟΥ ΜΑΡΙΑ ΙΩΑΝΝΗΣ	ΠΑΛΛΗΝΗΣ
ΛΑΚΚΟΣ ΠΑΝΑΓΙΩΤΗΣ ΓΕΩΡΓΙΟΣ	ΠΑΛΛΗΝΗΣ
ΜΑΜΜΟΠΟΥΛΟΣ ΔΗΜΗΤΡΙΟΣ ΚΩΝΣΤΑΝΤΙΝΟΣ	ΠΑΛΛΗΝΗΣ
ΜΑΝΟΥΣΟΠΟΥΛΟΣ ΑΝΑΣΤΑΣΙΟΣ ΚΩΝΣΤΑΝΤ	ΠΑΛΛΗΝΗΣ
ΜΑΡΓΕΤΗ ΓΕΩΡΓΙΑ ΙΩΑΝΝΗΣ	ΠΑΛΛΗΝΗΣ
ΜΑΡΚΟΥ ΔΗΜΗΤΡΙΟΣ ΕΥΑΓΓΕΛΟΣ	ΠΑΛΛΗΝΗΣ
ΜΑΡΚΟΥ ΣΤΑΜΑΤΙΟΣ ΓΕΩΡΓΙΟΣ	ΠΑΛΛΗΝΗΣ
ΜΑΥΡΙΚΑΚΗ ΚΑΛΛ ΙΩΑΝΝΗΣ	ΠΑΛΛΗΝΗΣ
ΜΑΥΡΟΓΙΑΝΝΑΚΗΣ ΓΕΩΡΓΙΟΣ ΜΙΧΑΗΛ	ΠΑΛΛΗΝΗΣ
ΜΠΑΝΤΖΗΣ ΠΑΝΑΓ ΙΩΑ	ΠΑΛΛΗΝΗΣ
ΜΠΑΣΙΑΚΟΥ ΑΚΡΙΒΗ ΝΙΚΟΛΑΟΣ	ΠΑΛΛΗΝΗΣ
ΜΠΟΥΤΣΙΚΟΣ ΚΩΝΣΤ ΓΕΩ	ΠΑΛΛΗΝΗΣ
ΝΙΚΟΛΑΟΥ ΔΗΜΗΤΡΙΟΣ ΓΕΩΡΓΙΟΣ	ΠΑΛΛΗΝΗΣ
ΝΙΚΟΛΑΡΑΚΗΣ ΕΜΜΑΝ ΝΙΚΟΛΑΟΣ	ΠΑΛΛΗΝΗΣ
ΝΟΣΗΣ ΝΙΚΟΛΑΟΣ ΔΗΜΗΤΡΙΟΣ	ΠΑΛΛΗΝΗΣ
ΠΑΠΑΝΑΣΤΑΣΙΟΥ ΙΩΑΝΝΗΣ ΙΩΣΗΦ	ΠΑΛΛΗΝΗΣ
ΠΑΣΠΑΛΗΣ ΙΑΣΩΝ ΧΑΡΑΛΑΜΠΟΣ	ΠΑΛΛΗΝΗΣ
ΠΟΥΛΟΠΟΥΛΟΣ ΦΩΤΙΟΣ ΚΩΝΣΤΑΝΤ	ΠΑΛΛΗΝΗΣ
ΠΡΙΦΤΗΣ ΑΝΑΣΤΑΣΙΟΣ ΑΝΔΡΕΑΣ	ΠΑΛΛΗΝΗΣ
ΣΙΔΕΡΗΣ ΔΗΜΗΤΡΙΟΣ ΜΙΧΑΗΛ	ΠΑΛΛΗΝΗΣ
ΤΖΙΛΑΒΗ ΕΙΡΗΝΗ ΒΑΣΙΛΕΙΟΣ	ΠΑΛΛΗΝΗΣ
ΤΖΙΛΑΒΗΣ ΠΑΝΑΓΙΩΤΗΣ ΒΑΣΙΛΕΙΟΣ	ΠΑΛΛΗΝΗΣ
ΦΡΑΓΚΟΥ ΙΩΑΝΝ ΧΡΗΣΤΟΣ	ΠΑΛΛΗΝΗΣ
ΘΥΜΑΡΑΣ ΔΗΜΗΤΡ ΠΑΝ	ΣΠΕΤΣΩΝ
ΚΑΛΟΓΙΑΝΝΗΣ ΣΠΥΡΙΔΩΝ ΘΕΟΔΩΡΟΣ	ΣΠΕΤΣΩΝ
ΣΠΗΛΙΩΤΗΣ ΕΥΑΓΓΕΛΟΣ ΔΗΜΗΤΡΙΟΣ	ΣΠΕΤΣΩΝ
ΒΑΛΙΑΔΗΣ ΝΙΚΟΛ ΑΝΤ	ΜΥΤΙΛΗΝΗΣ
ΠΑΠΑΓΕΩΡΓΙΟΥ ΠΑΝΑΓΙΩΤΗΣ ΓΕΩΡΓΙΟΣ	ΜΥΤΙΛΗΝΗΣ
ΑΥΤΟΥΣΜΗΣ ΒΑΣΙΛΕΙΟΣ ΙΩΑΝΝΗΣ	ΠΛΩΜΑΡΙΟΥ
ΑΝΑΓΝΩΣΤΟΥ ΧΡΗΣΤΟΣ ΚΥΡΙΑΚΟΣ	ΚΑΡΛΟΒΑΣΙΟΥ
ΕΥΣΤΑΘΙΟΥ ΚΥΡΙΑΚΟΣ ΔΗΜΗΤΡΙΟΣ	ΚΑΡΛΟΒΑΣΙΟΥ
ΚΥΡΙΑΖΗΣ ΕΜΜΑΝ ΑΡΧΙΜΗΔΗΣ	ΚΑΡΛΟΒΑΣΙΟΥ
ΠΑΥΛΗΣ ΚΩΝΣΤΑΝΤΙΝΟΣ ΣΤΑΜΑΤΙΟΣ	ΚΑΡΛΟΒΑΣΙΟΥ
ΧΡΙΣΤΙΝΙΔΗΣ ΓΕΩΡΓΙΟΣ ΝΙΚ ΧΡΙΣΤΟΔΟ	ΚΑΡΛΟΒΑΣΙΟΥ
ΚΑΣΜΙΡΛΗΣ ΔΗΜΗΤΡ ΑΠΟΣΤΟΛΟΣ	ΣΑΜΟΥ
ΑΠΟΣΤΟΛΗΣ ΝΙΚΟΛ ΑΝΤΩΝΙΟΣ	ΧΙΟΥ
ΚΑΓΙΑΝΤΑΣ ΔΗΜΗΤΡ ΜΗΝ	ΧΙΟΥ
ΚΑΜΠΟΥΡΑΣ ΝΙΚΟΛΑΟΣ ΣΤΑΜΑΤΙΟΣ	ΧΙΟΥ
ΛΙΝΑΚΗΣ ΚΩΝΣΤΑΝΤΙΝΟΣ ΔΗΜΗΤΡΙΟΣ	ΧΙΟΥ
ΠΟΥΛΑΔΑ ΛΕΜΟΝΙΑ ΝΙΚΟΛΑΟΣ	ΧΙΟΥ
ΣΤΡΟΥΜΠΗΣ ΠΑΝΤΕΛΗΣ ΚΩΝΣΤΑΝΤΙΝΟΣ	ΧΙΟΥ
ΣΥΡΙΩΔΗΣ ΓΕΩΡΓΙΟΣ ΣΩΚΡΑΤΗΣ	ΧΙΟΥ
ΨΩΡΑΣ ΓΕΩΡΓΙΟΣ ΕΜΜΑΝΟΥΗΛ	ΧΙΟΥ
κ) Το 20ο Ειδικό Συνεργείο Ελέγχου
ΟΡΦΑΝΙΔΗΣ ΝΙΚΟΛΑΟΣ ΝΙΚΟΛΑΟΣ	ΚΑΡΠΑΘΟΥ
ΠΑΠΑΝΙΚΗΤΑΣ ΝΙΚΗΤΑΣ ΓΕΩΡΓΙΟΣ	ΚΑΡΠΑΘΟΥ
ΚΑΡΑΓΙΑΝΝΗΣ ΚΩΝΣΤΑΝΤΙΝΟΣ ΣΤΑΜΑΤΙΟΣ	ΚΩ
ΚΥΠΡΙΩΤΗΣ ΚΩΝΣΤΑΝΤΙΝΟΣ ΓΕΩΡΓΙΟΣ	ΚΩ
ΜΥΛΩΝΑΣ ΔΗΜΗΤΡΙΟΣ ΝΙΚΟΛΑΟΣ	ΚΩ
ΑΡΡΩΝΗΣ ΦΙΛΙΠΠΟΣ ΒΑΣΙΛΕΙΟΣ	ΡΟΔΟΥ
ΑΤΣΙΔΗΣ ΑΝΑΣΤΑΣΙΟΣ ΓΕΩΡΓΙΟΣ	ΡΟΔΟΥ
ΑΤΣΙΔΗΣ ΓΕΩΡΓΙΟΣ ΑΝΑΣΤΑΣΙΟΣ	ΡΟΔΟΥ
ΓΕΡΟΝΙΚΟΛΑΣ ΕΜΜΑΝΟΥΗΛ ΝΙΚΟΛΑΟΣ	ΡΟΔΟΥ
ΔΙΑΚΙΔΗΣ ΜΙΧΑΗΛ ΝΙΚ	ΡΟΔΟΥ
ΕΛΕΥΘΕΡΙΟΥ ΓΕΩΡΓΙΟΣ ΝΙΚΟΛΑΟΣ	ΡΟΔΟΥ
ΗΡΩΝΙΑΣ ΚΛΗΜΗΣ ΝΙΚΟΛΑΟΣ	ΡΟΔΟΥ
ΙΩΑΝΝΙΔΗΣ ΓΕΩΡΓ ΠΑΝΑΓΙΩΤΗΣ	ΡΟΔΟΥ
ΚΑΛΛΙΣΤΟΣ ΑΝΤΩΝΙΟΣ ΓΕΩΡΓΙΟΣ	ΡΟΔΟΥ
ΚΑΜΠΟΥΡΟΠΟΥΛΟΣ ΣΑΒΒΑΣ ΑΡΙΣΤΕΙΔΗΣ	ΡΟΔΟΥ
ΚΑΝΤΙΜΟΙΡΗΣ ΔΑΝΙΗΛ ΣΤΕΡΓΟΣ	ΡΟΔΟΥ
ΚΑΡΡΑΣ ΜΙΧΑΗΛ ΔΗΜΗΤΡΙΟΣ	ΡΟΔΟΥ
ΚΑΣΑΠΗΣ ΒΑΣΙΛ ΝΙΚΟΛΑΟΣ	ΡΟΔΟΥ
ΚΑΤΡΗΣ ΓΕΩΡΓ ΙΩΑ	ΡΟΔΟΥ
ΚΟΖΑΚΗΗ ΜΕΧΜΕΤ ΣΑΝΤΙΚ	ΡΟΔΟΥ
ΚΟΥΡΟΣ ΙΩΑΝΝΗΣ ΝΙΚΗΤΑΣ	ΡΟΔΟΥ
ΚΥΡΗΣ ΓΕΩΡΓΙΟΣ ΚΥΡΙΑΚΟΣ	ΡΟΔΟΥ
